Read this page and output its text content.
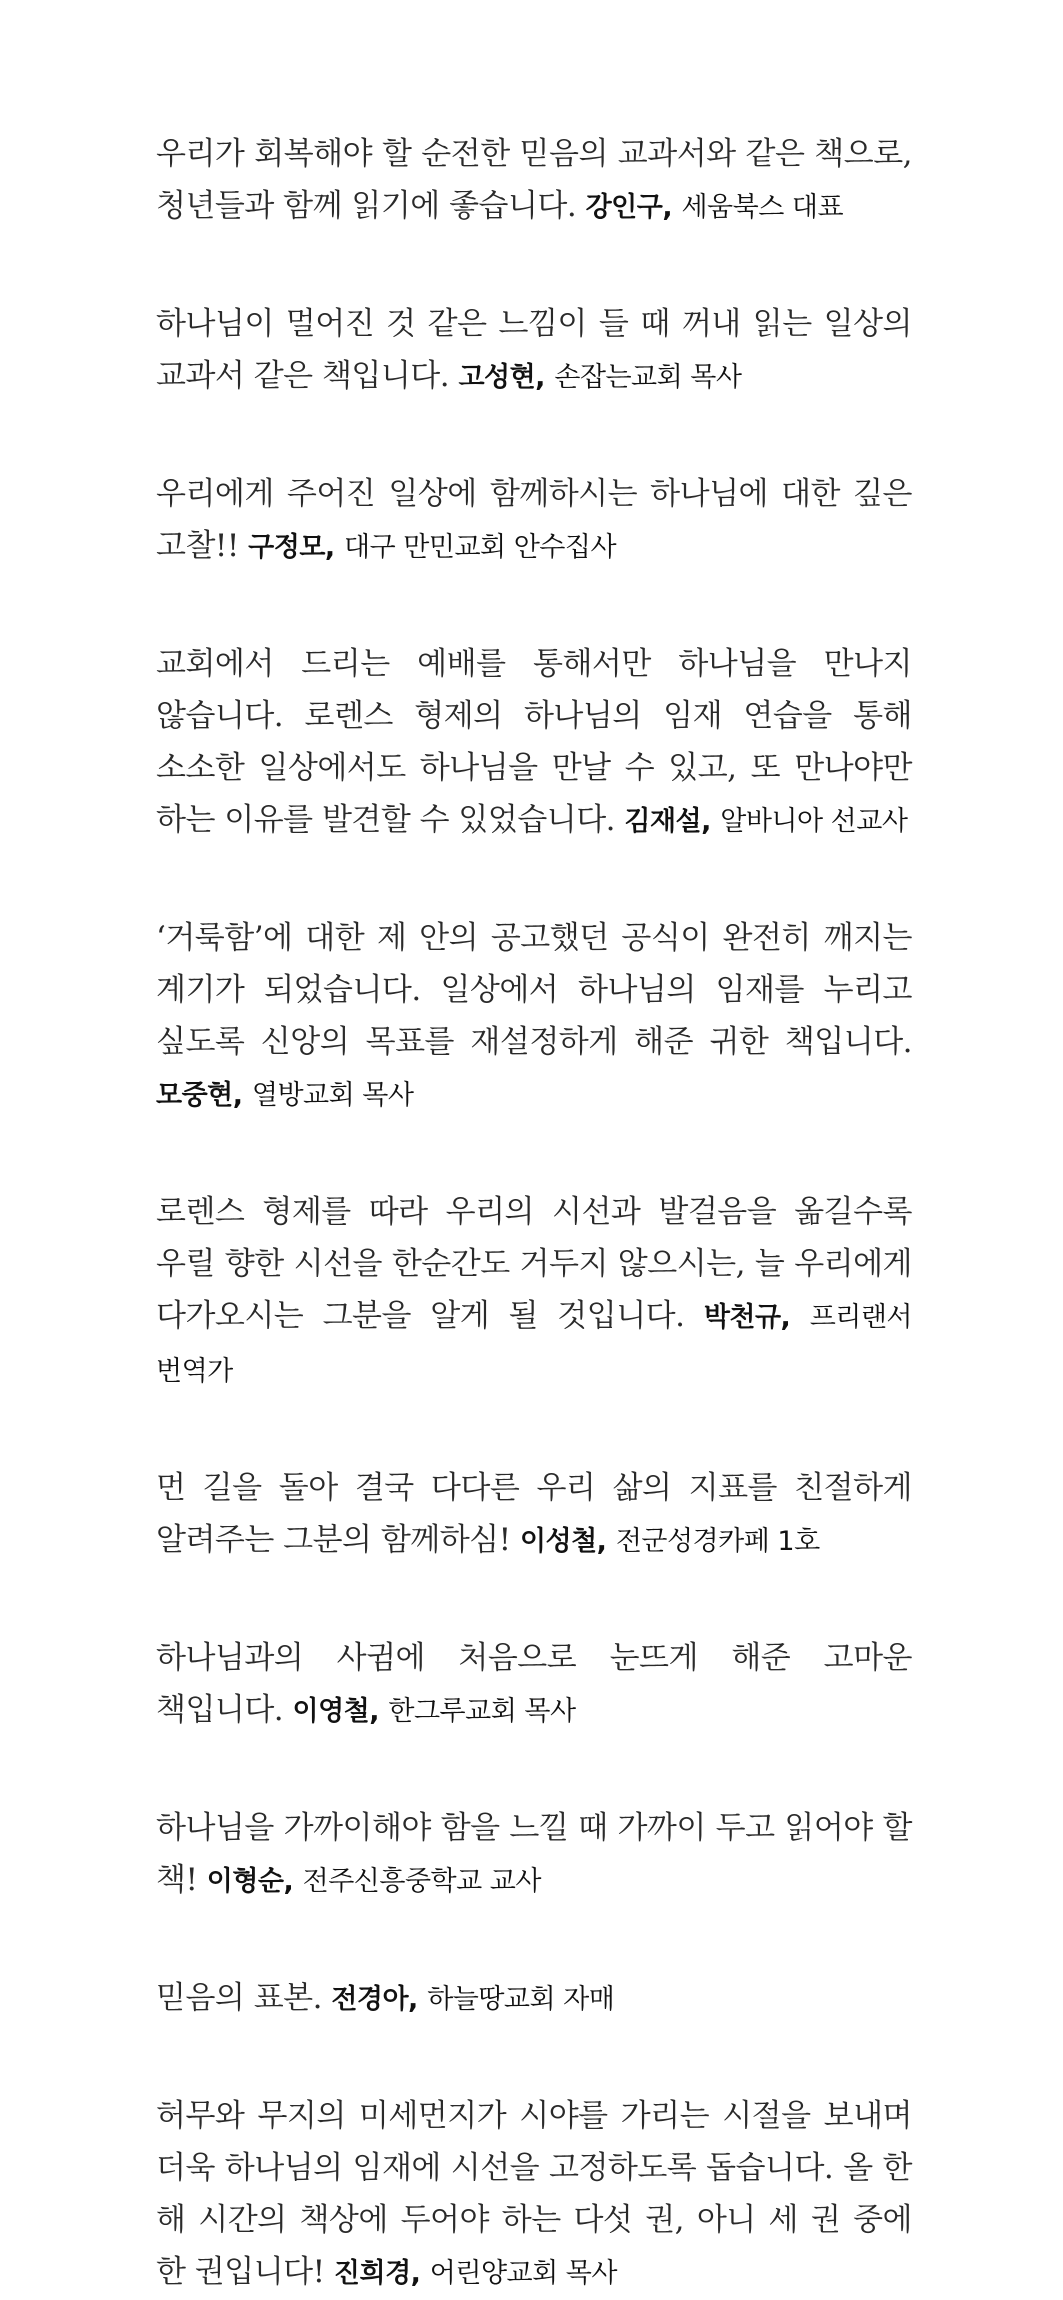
우리가 회복해야 할 순전한 믿음의 교과서와 같은 책으로, 청년들과 함께 읽기에 좋습니다. 강인구, 세움북스 대표

하나님이 멀어진 것 같은 느낌이 들 때 꺼내 읽는 일상의 교과서 같은 책입니다. 고성현, 손잡는교회 목사

우리에게 주어진 일상에 함께하시는 하나님에 대한 깊은 고찰!! 구정모, 대구 만민교회 안수집사

교회에서 드리는 예배를 통해서만 하나님을 만나지 않습니다. 로렌스 형제의 하나님의 임재 연습을 통해 소소한 일상에서도 하나님을 만날 수 있고, 또 만나야만 하는 이유를 발견할 수 있었습니다. 김재설, 알바니아 선교사

‘거룩함’에 대한 제 안의 공고했던 공식이 완전히 깨지는 계기가 되었습니다. 일상에서 하나님의 임재를 누리고 싶도록 신앙의 목표를 재설정하게 해준 귀한 책입니다. 모중현, 열방교회 목사

로렌스 형제를 따라 우리의 시선과 발걸음을 옮길수록 우릴 향한 시선을 한순간도 거두지 않으시는, 늘 우리에게 다가오시는 그분을 알게 될 것입니다. 박천규, 프리랜서 번역가

먼 길을 돌아 결국 다다른 우리 삶의 지표를 친절하게 알려주는 그분의 함께하심! 이성철, 전군성경카페 1호

하나님과의 사귐에 처음으로 눈뜨게 해준 고마운 책입니다. 이영철, 한그루교회 목사

하나님을 가까이해야 함을 느낄 때 가까이 두고 읽어야 할 책! 이형순, 전주신흥중학교 교사

믿음의 표본. 전경아, 하늘땅교회 자매

허무와 무지의 미세먼지가 시야를 가리는 시절을 보내며 더욱 하나님의 임재에 시선을 고정하도록 돕습니다. 올 한 해 시간의 책상에 두어야 하는 다섯 권, 아니 세 권 중에 한 권입니다! 진희경, 어린양교회 목사
